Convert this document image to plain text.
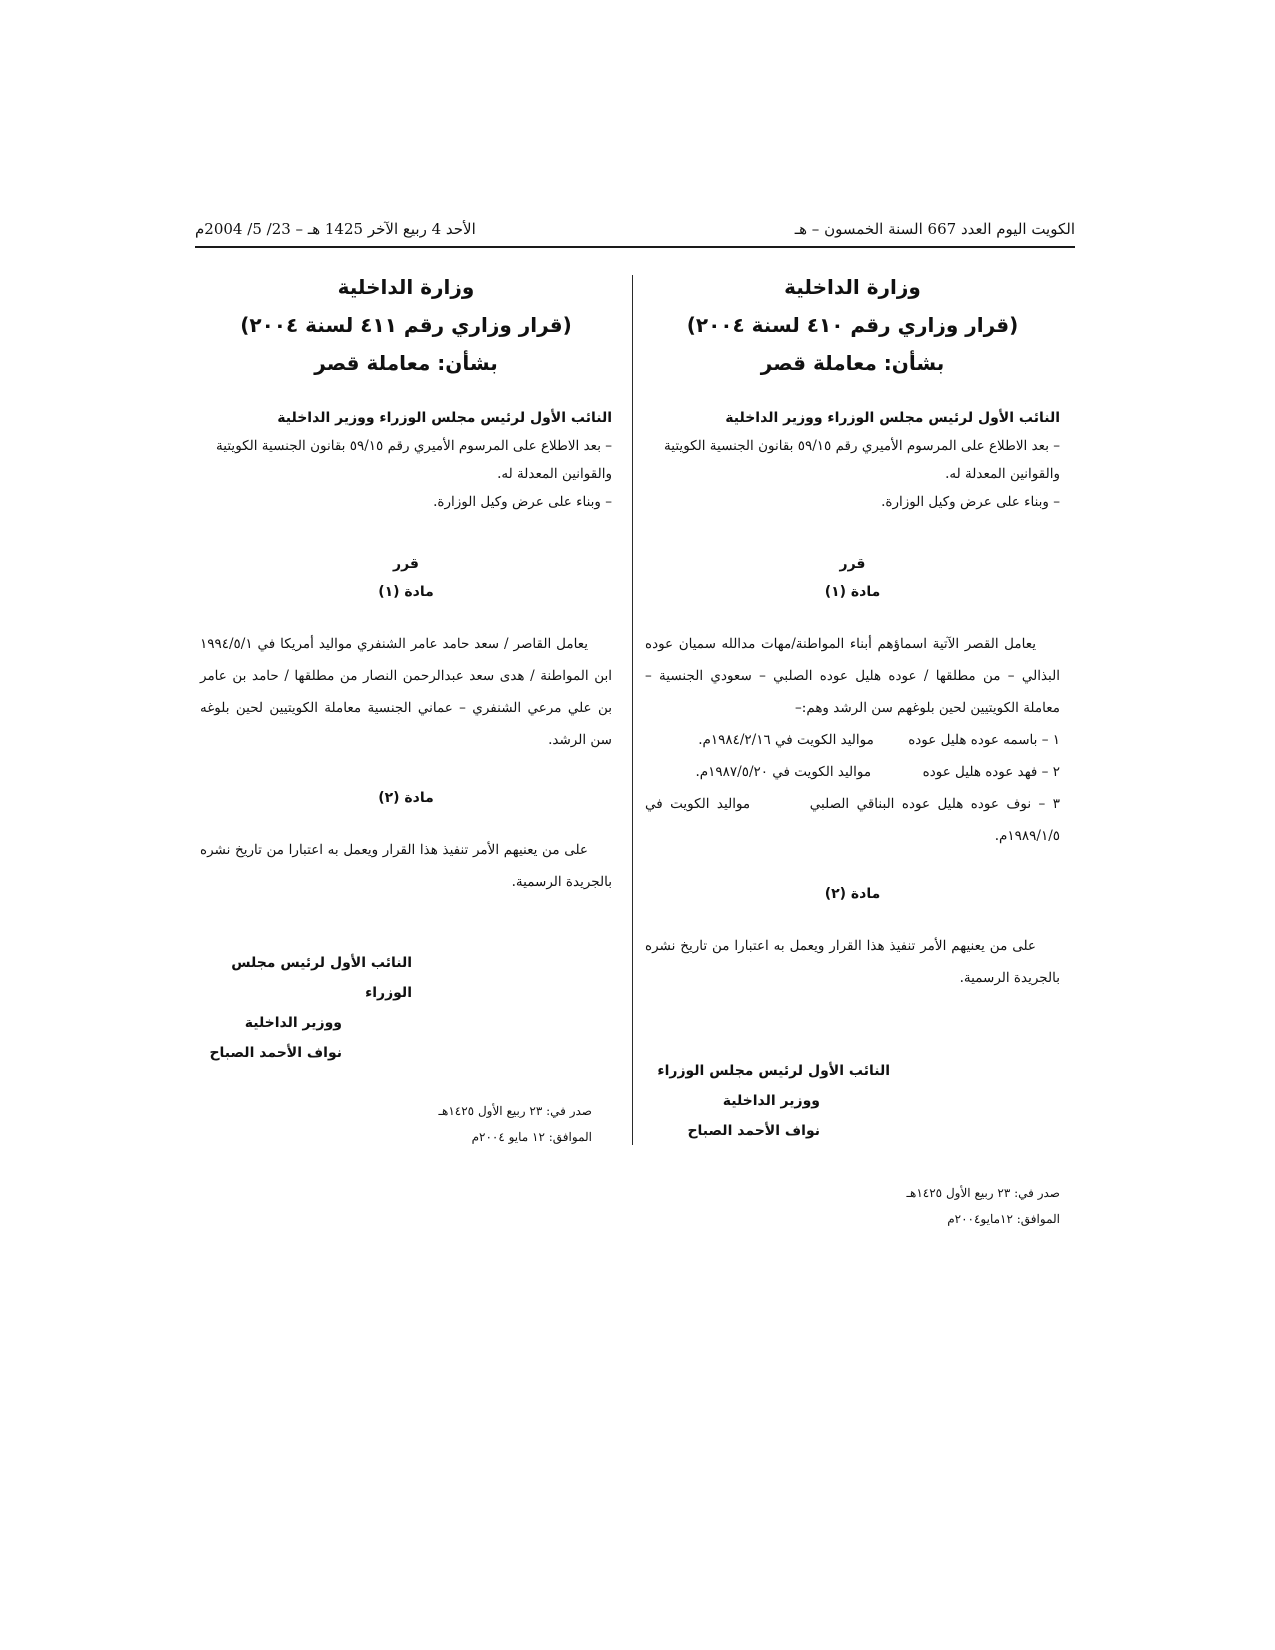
الكويت اليوم العدد 667 السنة الخمسون – هـ
الأحد 4 ربيع الآخر 1425 هـ – 23/ 5/ 2004م
وزارة الداخلية
(قرار وزاري رقم ٤١٠ لسنة ٢٠٠٤)
بشأن: معاملة قصر
النائب الأول لرئيس مجلس الوزراء ووزير الداخلية
– بعد الاطلاع على المرسوم الأميري رقم ٥٩/١٥ بقانون الجنسية الكويتية والقوانين المعدلة له.
– وبناء على عرض وكيل الوزارة.
قرر
مادة (١)

يعامل القصر الآتية اسماؤهم أبناء المواطنة/مهات مدالله سميان عوده البذالي – من مطلقها / عوده هليل عوده الصلبي – سعودي الجنسية – معاملة الكويتيين لحين بلوغهم سن الرشد وهم:–

١ – باسمه عوده هليل عوده        مواليد الكويت في ١٩٨٤/٢/١٦م.

٢ – فهد عوده هليل عوده            مواليد الكويت في ١٩٨٧/٥/٢٠م.

٣ – نوف عوده هليل عوده البناقي الصلبي        مواليد الكويت في ١٩٨٩/١/٥م.

مادة (٢)

على من يعنيهم الأمر تنفيذ هذا القرار ويعمل به اعتبارا من تاريخ نشره بالجريدة الرسمية.

النائب الأول لرئيس مجلس الوزراء
ووزير الداخلية
نواف الأحمد الصباح
صدر في: ٢٣ ربيع الأول ١٤٢٥هـ
الموافق: ١٢مايو٢٠٠٤م
وزارة الداخلية
(قرار وزاري رقم ٤١١ لسنة ٢٠٠٤)
بشأن: معاملة قصر
النائب الأول لرئيس مجلس الوزراء ووزير الداخلية
– بعد الاطلاع على المرسوم الأميري رقم ٥٩/١٥ بقانون الجنسية الكويتية والقوانين المعدلة له.
– وبناء على عرض وكيل الوزارة.
قرر
مادة (١)

يعامل القاصر / سعد حامد عامر الشنفري مواليد أمريكا في ١٩٩٤/٥/١ ابن المواطنة / هدى سعد عبدالرحمن النصار من مطلقها / حامد بن عامر بن علي مرعي الشنفري – عماني الجنسية معاملة الكويتيين لحين بلوغه سن الرشد.

مادة (٢)

على من يعنيهم الأمر تنفيذ هذا القرار ويعمل به اعتبارا من تاريخ نشره بالجريدة الرسمية.

النائب الأول لرئيس مجلس الوزراء
ووزير الداخلية
نواف الأحمد الصباح
صدر في: ٢٣ ربيع الأول ١٤٢٥هـ
الموافق: ١٢ مايو ٢٠٠٤م
